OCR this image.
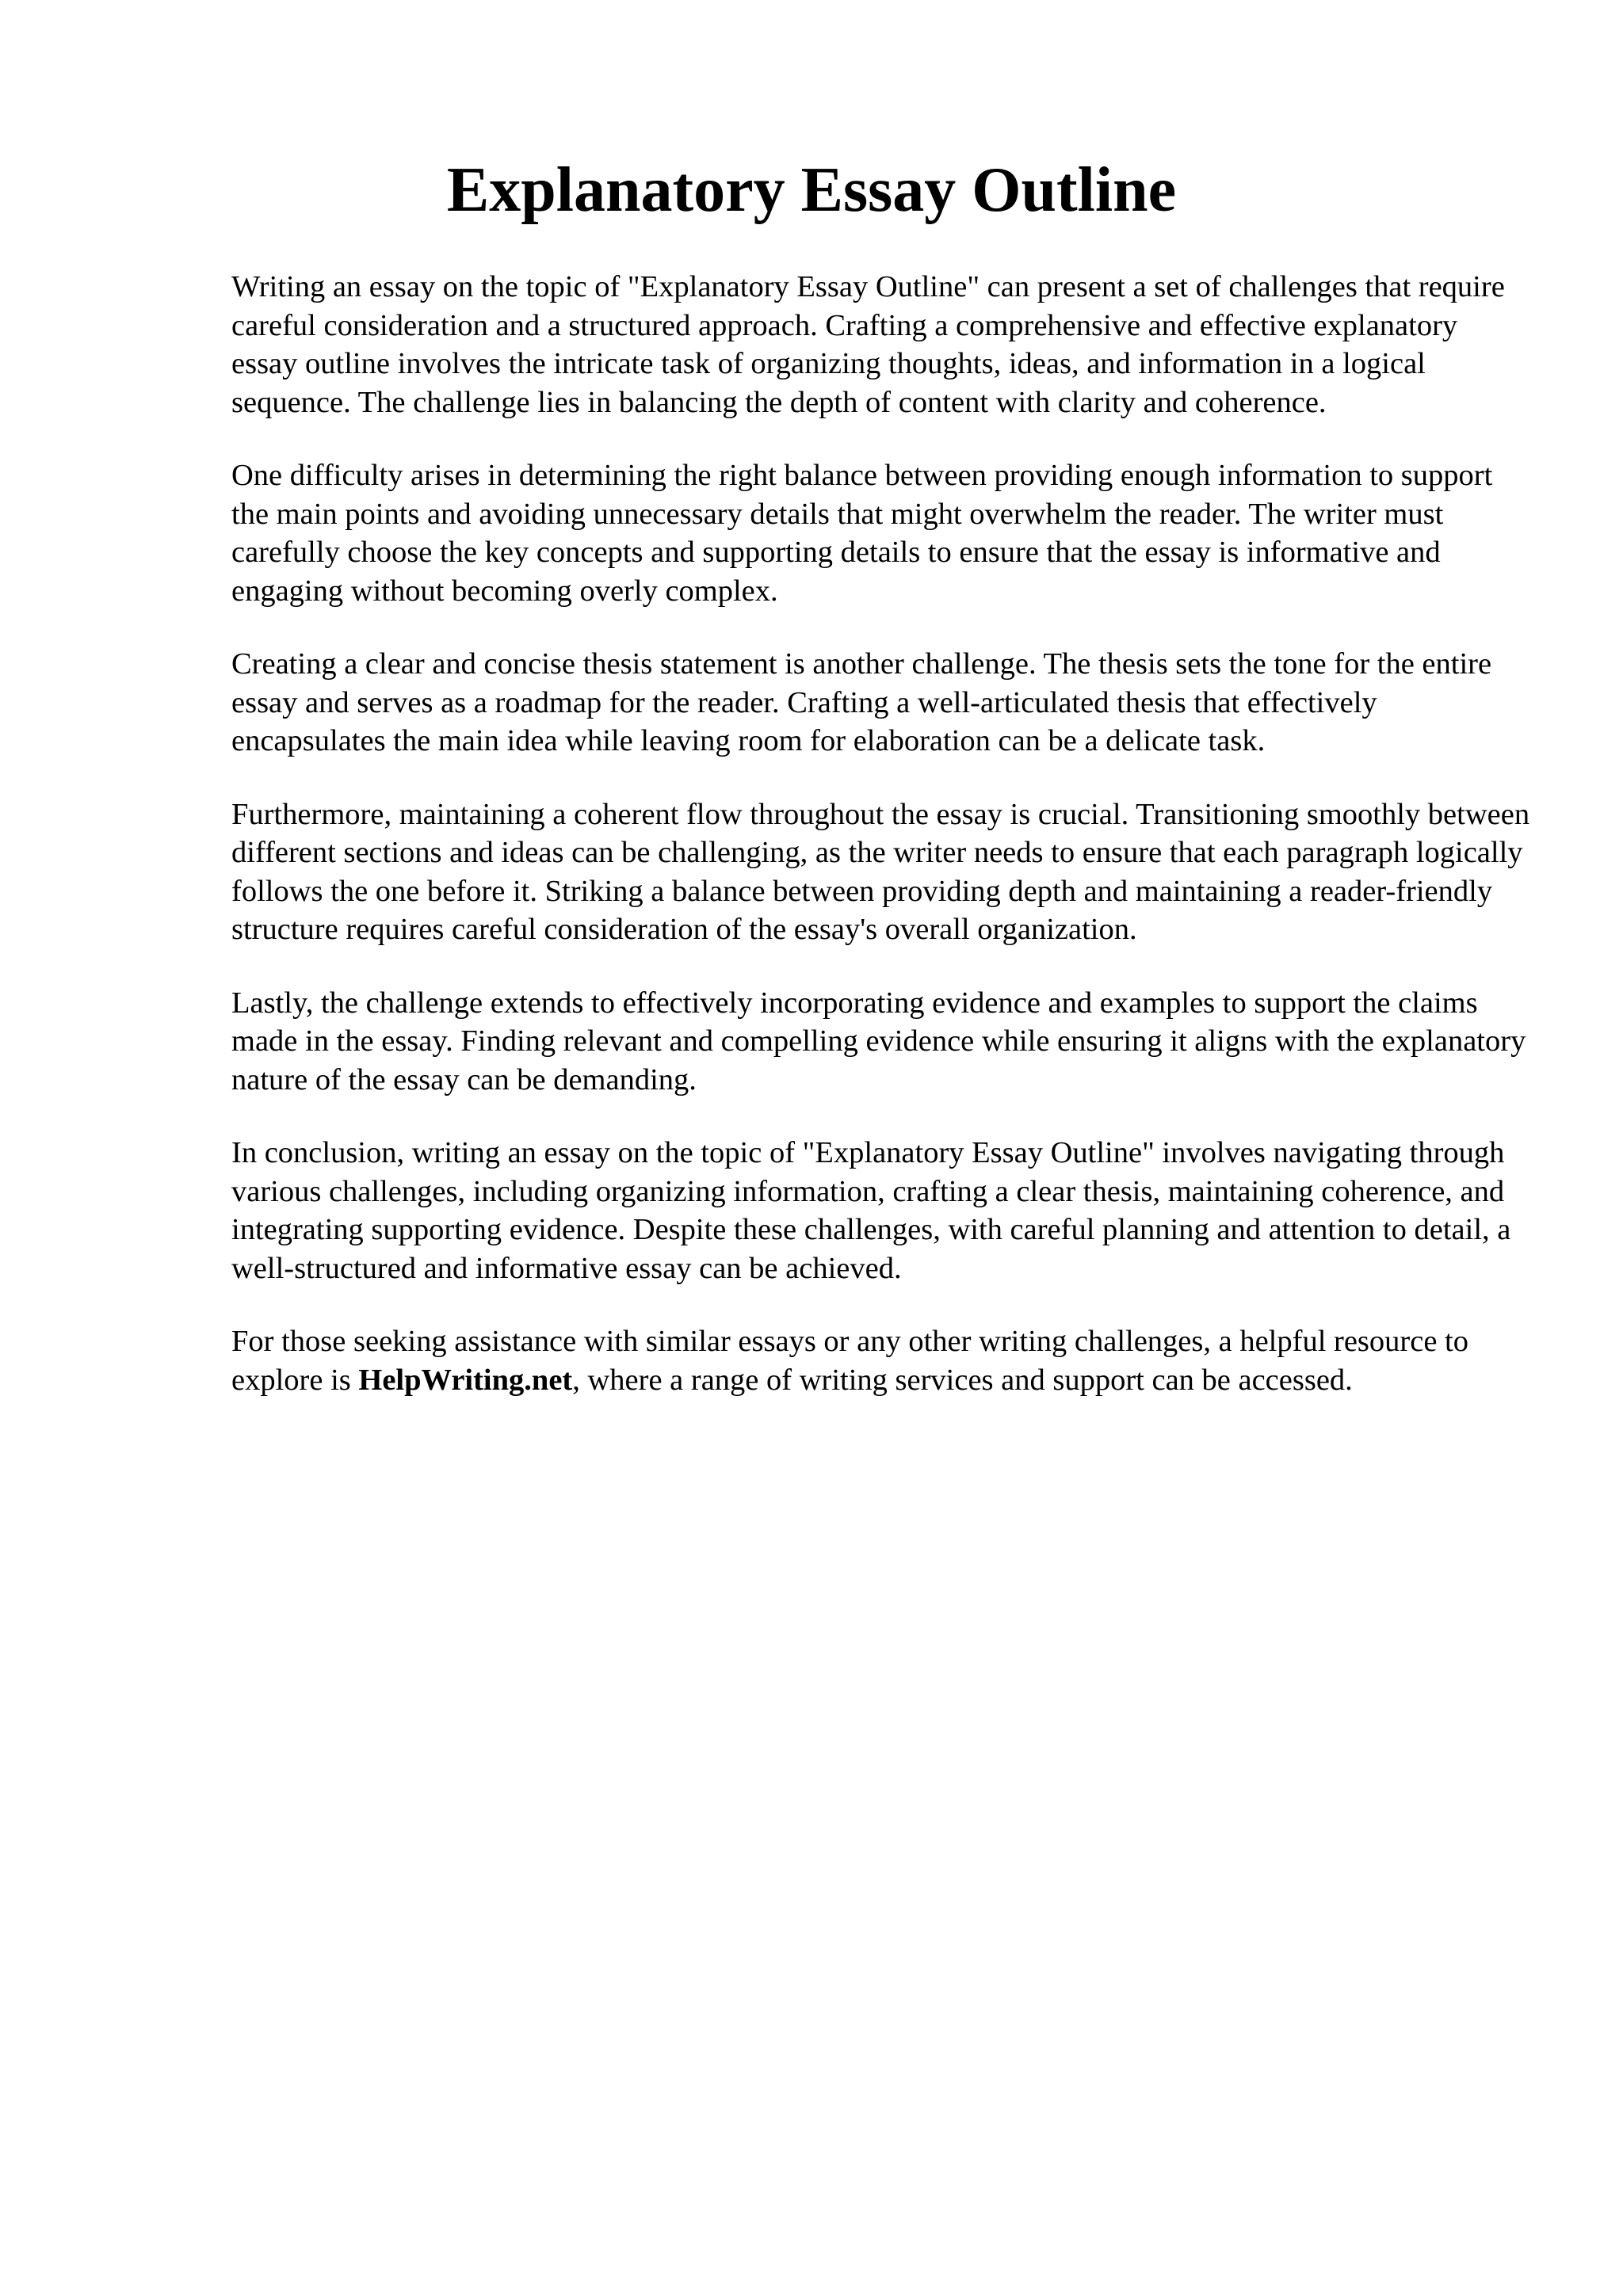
Explanatory Essay Outline

Writing an essay on the topic of "Explanatory Essay Outline" can present a set of challenges that require careful consideration and a structured approach. Crafting a comprehensive and effective explanatory essay outline involves the intricate task of organizing thoughts, ideas, and information in a logical sequence. The challenge lies in balancing the depth of content with clarity and coherence.

One difficulty arises in determining the right balance between providing enough information to support the main points and avoiding unnecessary details that might overwhelm the reader. The writer must carefully choose the key concepts and supporting details to ensure that the essay is informative and engaging without becoming overly complex.

Creating a clear and concise thesis statement is another challenge. The thesis sets the tone for the entire essay and serves as a roadmap for the reader. Crafting a well-articulated thesis that effectively encapsulates the main idea while leaving room for elaboration can be a delicate task.

Furthermore, maintaining a coherent flow throughout the essay is crucial. Transitioning smoothly between different sections and ideas can be challenging, as the writer needs to ensure that each paragraph logically follows the one before it. Striking a balance between providing depth and maintaining a reader-friendly structure requires careful consideration of the essay's overall organization.

Lastly, the challenge extends to effectively incorporating evidence and examples to support the claims made in the essay. Finding relevant and compelling evidence while ensuring it aligns with the explanatory nature of the essay can be demanding.

In conclusion, writing an essay on the topic of "Explanatory Essay Outline" involves navigating through various challenges, including organizing information, crafting a clear thesis, maintaining coherence, and integrating supporting evidence. Despite these challenges, with careful planning and attention to detail, a well-structured and informative essay can be achieved.

For those seeking assistance with similar essays or any other writing challenges, a helpful resource to explore is HelpWriting.net, where a range of writing services and support can be accessed.
